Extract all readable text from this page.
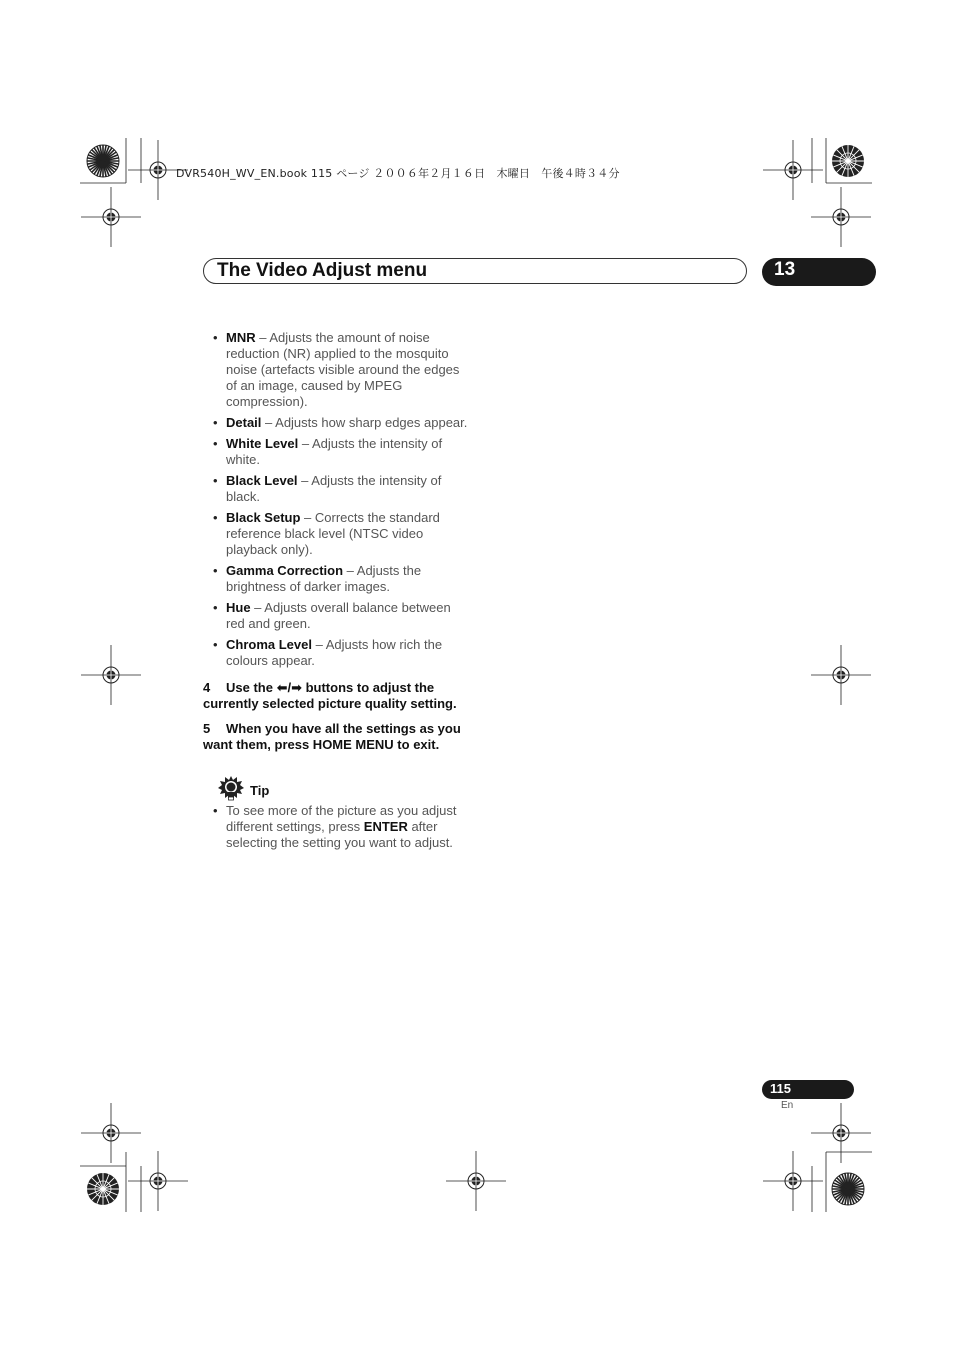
DVR540H_WV_EN.book 115 ページ ２００６年２月１６日　木曜日　午後４時３４分
The Video Adjust menu	13
• MNR – Adjusts the amount of noise reduction (NR) applied to the mosquito noise (artefacts visible around the edges of an image, caused by MPEG compression).
• Detail – Adjusts how sharp edges appear.
• White Level – Adjusts the intensity of white.
• Black Level – Adjusts the intensity of black.
• Black Setup – Corrects the standard reference black level (NTSC video playback only).
• Gamma Correction – Adjusts the brightness of darker images.
• Hue – Adjusts overall balance between red and green.
• Chroma Level – Adjusts how rich the colours appear.
4 Use the ⬅/➡ buttons to adjust the currently selected picture quality setting.
5 When you have all the settings as you want them, press HOME MENU to exit.
Tip
• To see more of the picture as you adjust different settings, press ENTER after selecting the setting you want to adjust.
115
En
